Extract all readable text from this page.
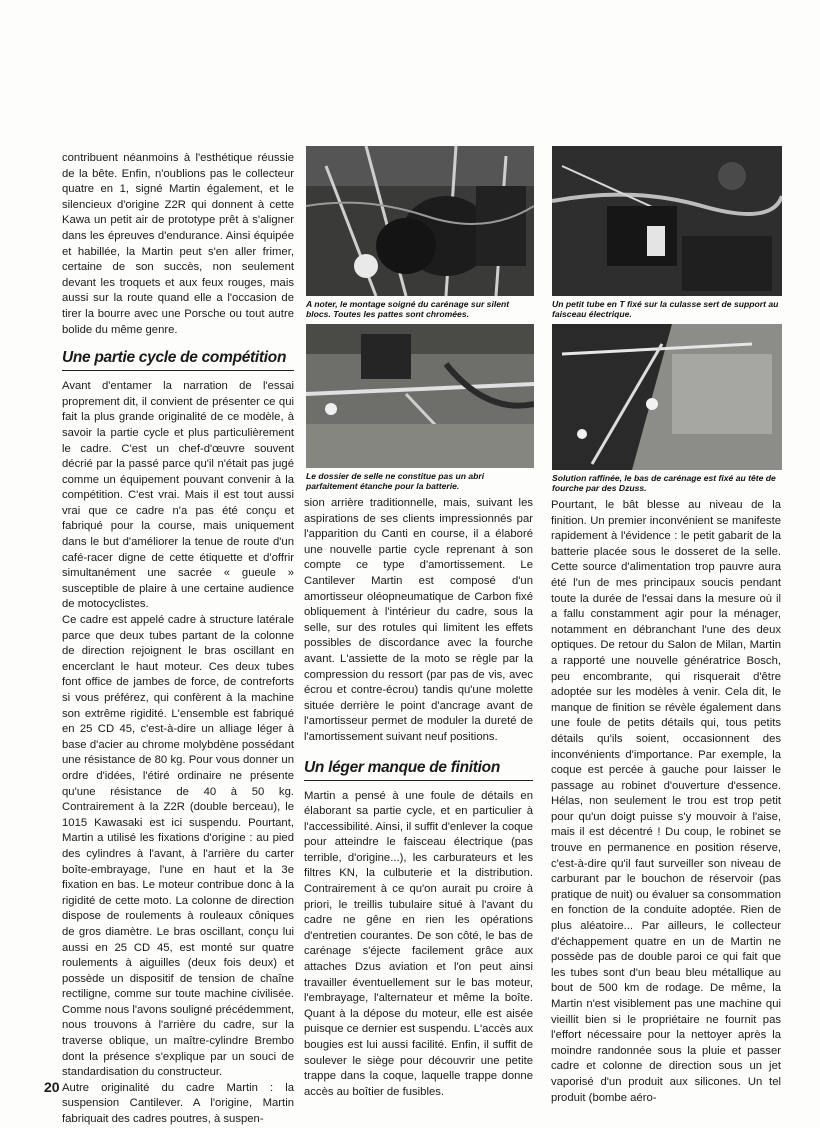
contribuent néanmoins à l'esthétique réussie de la bête. Enfin, n'oublions pas le collecteur quatre en 1, signé Martin également, et le silencieux d'origine Z2R qui donnent à cette Kawa un petit air de prototype prêt à s'aligner dans les épreuves d'endurance. Ainsi équipée et habillée, la Martin peut s'en aller frimer, certaine de son succès, non seulement devant les troquets et aux feux rouges, mais aussi sur la route quand elle a l'occasion de tirer la bourre avec une Porsche ou tout autre bolide du même genre.

Une partie cycle de compétition

Avant d'entamer la narration de l'essai proprement dit, il convient de présenter ce qui fait la plus grande originalité de ce modèle, à savoir la partie cycle et plus particulièrement le cadre. C'est un chef-d'œuvre souvent décrié par la passé parce qu'il n'était pas jugé comme un équipement pouvant convenir à la compétition. C'est vrai. Mais il est tout aussi vrai que ce cadre n'a pas été conçu et fabriqué pour la course, mais uniquement dans le but d'améliorer la tenue de route d'un café-racer digne de cette étiquette et d'offrir simultanément une sacrée « gueule » susceptible de plaire à une certaine audience de motocyclistes.

Ce cadre est appelé cadre à structure latérale parce que deux tubes partant de la colonne de direction rejoignent le bras oscillant en encerclant le haut moteur. Ces deux tubes font office de jambes de force, de contreforts si vous préférez, qui confèrent à la machine son extrême rigidité. L'ensemble est fabriqué en 25 CD 45, c'est-à-dire un alliage léger à base d'acier au chrome molybdène possédant une résistance de 80 kg. Pour vous donner un ordre d'idées, l'étiré ordinaire ne présente qu'une résistance de 40 à 50 kg. Contrairement à la Z2R (double berceau), le 1015 Kawasaki est ici suspendu. Pourtant, Martin a utilisé les fixations d'origine : au pied des cylindres à l'avant, à l'arrière du carter boîte-embrayage, l'une en haut et la 3e fixation en bas. Le moteur contribue donc à la rigidité de cette moto. La colonne de direction dispose de roulements à rouleaux côniques de gros diamètre. Le bras oscillant, conçu lui aussi en 25 CD 45, est monté sur quatre roulements à aiguilles (deux fois deux) et possède un dispositif de tension de chaîne rectiligne, comme sur toute machine civilisée. Comme nous l'avons souligné précédemment, nous trouvons à l'arrière du cadre, sur la traverse oblique, un maître-cylindre Brembo dont la présence s'explique par un souci de standardisation du constructeur.

Autre originalité du cadre Martin : la suspension Cantilever. A l'origine, Martin fabriquait des cadres poutres, à suspen-

A noter, le montage soigné du carénage sur silent blocs. Toutes les pattes sont chromées.
Un petit tube en T fixé sur la culasse sert de support au faisceau électrique.
Le dossier de selle ne constitue pas un abri parfaitement étanche pour la batterie.
Solution raffinée, le bas de carénage est fixé au tête de fourche par des Dzuss.

sion arrière traditionnelle, mais, suivant les aspirations de ses clients impressionnés par l'apparition du Canti en course, il a élaboré une nouvelle partie cycle reprenant à son compte ce type d'amortissement. Le Cantilever Martin est composé d'un amortisseur oléopneumatique de Carbon fixé obliquement à l'intérieur du cadre, sous la selle, sur des rotules qui limitent les effets possibles de discordance avec la fourche avant. L'assiette de la moto se règle par la compression du ressort (par pas de vis, avec écrou et contre-écrou) tandis qu'une molette située derrière le point d'ancrage avant de l'amortisseur permet de moduler la dureté de l'amortissement suivant neuf positions.

Un léger manque de finition

Martin a pensé à une foule de détails en élaborant sa partie cycle, et en particulier à l'accessibilité. Ainsi, il suffit d'enlever la coque pour atteindre le faisceau électrique (pas terrible, d'origine...), les carburateurs et les filtres KN, la culbuterie et la distribution. Contrairement à ce qu'on aurait pu croire à priori, le treillis tubulaire situé à l'avant du cadre ne gêne en rien les opérations d'entretien courantes. De son côté, le bas de carénage s'éjecte facilement grâce aux attaches Dzus aviation et l'on peut ainsi travailler éventuellement sur le bas moteur, l'embrayage, l'alternateur et même la boîte. Quant à la dépose du moteur, elle est aisée puisque ce dernier est suspendu. L'accès aux bougies est lui aussi facilité. Enfin, il suffit de soulever le siège pour découvrir une petite trappe dans la coque, laquelle trappe donne accès au boîtier de fusibles.

Pourtant, le bât blesse au niveau de la finition. Un premier inconvénient se manifeste rapidement à l'évidence : le petit gabarit de la batterie placée sous le dosseret de la selle. Cette source d'alimentation trop pauvre aura été l'un de mes principaux soucis pendant toute la durée de l'essai dans la mesure où il a fallu constamment agir pour la ménager, notamment en débranchant l'une des deux optiques. De retour du Salon de Milan, Martin a rapporté une nouvelle génératrice Bosch, peu encombrante, qui risquerait d'être adoptée sur les modèles à venir. Cela dit, le manque de finition se révèle également dans une foule de petits détails qui, tous petits détails qu'ils soient, occasionnent des inconvénients d'importance. Par exemple, la coque est percée à gauche pour laisser le passage au robinet d'ouverture d'essence. Hélas, non seulement le trou est trop petit pour qu'un doigt puisse s'y mouvoir à l'aise, mais il est décentré ! Du coup, le robinet se trouve en permanence en position réserve, c'est-à-dire qu'il faut surveiller son niveau de carburant par le bouchon de réservoir (pas pratique de nuit) ou évaluer sa consommation en fonction de la conduite adoptée. Rien de plus aléatoire... Par ailleurs, le collecteur d'échappement quatre en un de Martin ne possède pas de double paroi ce qui fait que les tubes sont d'un beau bleu métallique au bout de 500 km de rodage. De même, la Martin n'est visiblement pas une machine qui vieillit bien si le propriétaire ne fournit pas l'effort nécessaire pour la nettoyer après la moindre randonnée sous la pluie et passer cadre et colonne de direction sous un jet vaporisé d'un produit aux silicones. Un tel produit (bombe aéro-

20
